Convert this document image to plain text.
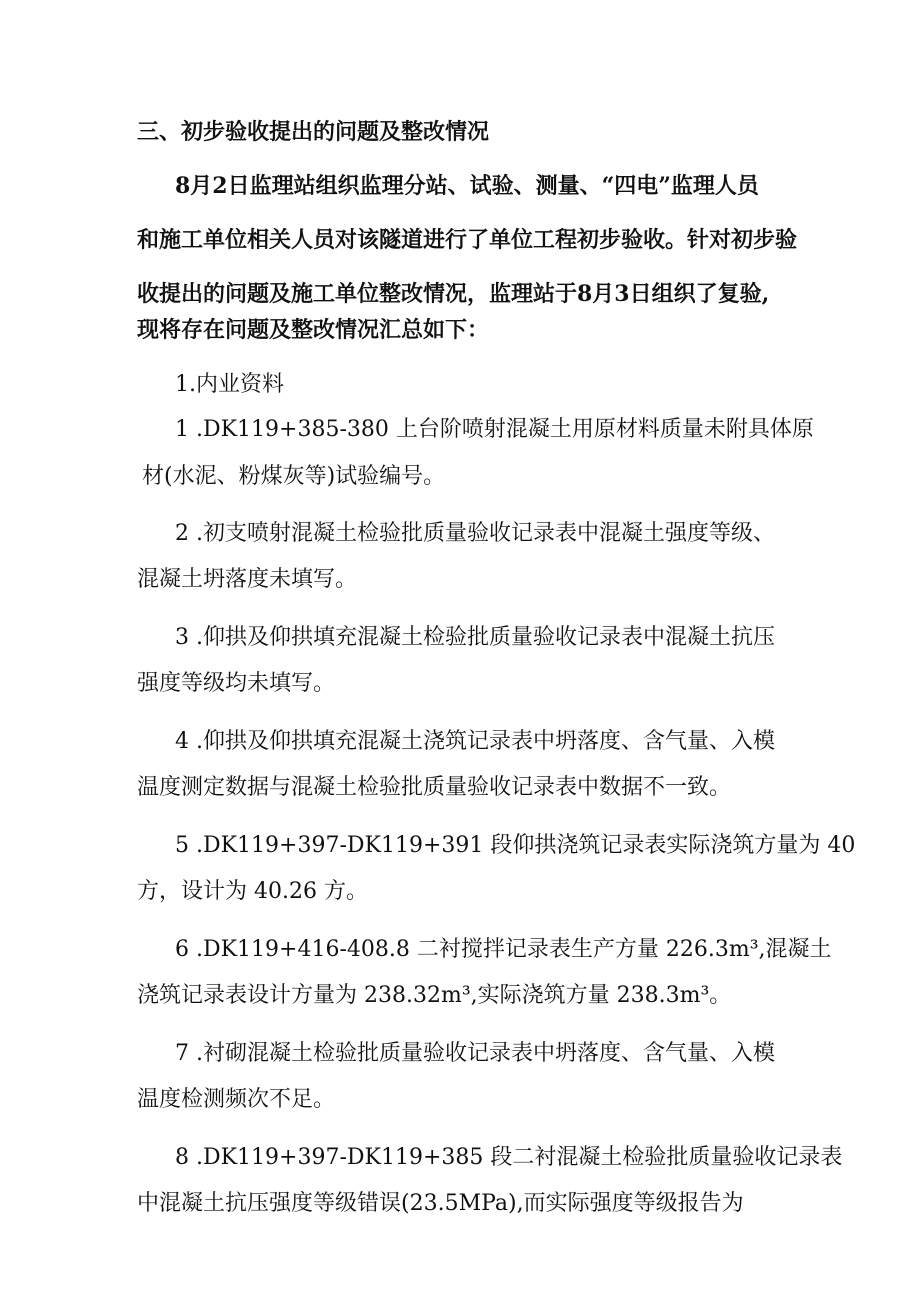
三、初步验收提出的问题及整改情况
8月2日监理站组织监理分站、试验、测量、“四电”监理人员
和施工单位相关人员对该隧道进行了单位工程初步验收。针对初步验
收提出的问题及施工单位整改情况，监理站于8月3日组织了复验,
现将存在问题及整改情况汇总如下：
1.内业资料
1 .DK119+385-380 上台阶喷射混凝土用原材料质量未附具体原
材(水泥、粉煤灰等)试验编号。
2 .初支喷射混凝土检验批质量验收记录表中混凝土强度等级、
混凝土坍落度未填写。
3 .仰拱及仰拱填充混凝土检验批质量验收记录表中混凝土抗压
强度等级均未填写。
4 .仰拱及仰拱填充混凝土浇筑记录表中坍落度、含气量、入模
温度测定数据与混凝土检验批质量验收记录表中数据不一致。
5 .DK119+397-DK119+391 段仰拱浇筑记录表实际浇筑方量为 40
方，设计为 40.26 方。
6 .DK119+416-408.8 二衬搅拌记录表生产方量 226.3m³,混凝土
浇筑记录表设计方量为 238.32m³,实际浇筑方量 238.3m³。
7 .衬砌混凝土检验批质量验收记录表中坍落度、含气量、入模
温度检测频次不足。
8 .DK119+397-DK119+385 段二衬混凝土检验批质量验收记录表
中混凝土抗压强度等级错误(23.5MPa),而实际强度等级报告为
